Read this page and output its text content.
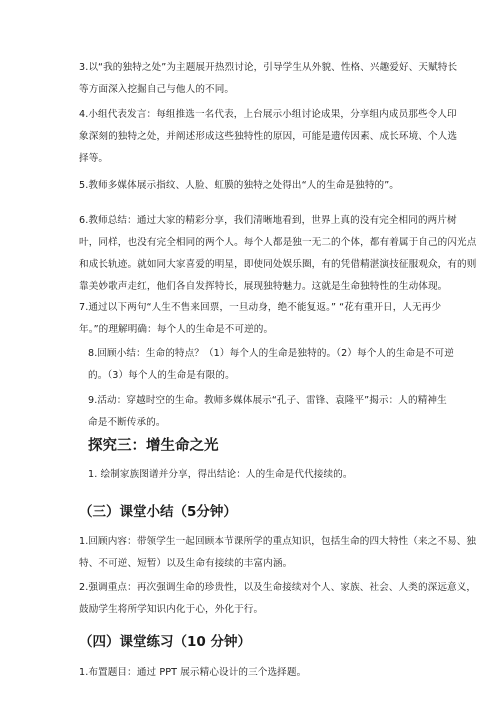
3.以“我的独特之处”为主题展开热烈讨论，引导学生从外貌、性格、兴趣爱好、天赋特长
等方面深入挖掘自己与他人的不同。

4.小组代表发言：每组推选一名代表，上台展示小组讨论成果，分享组内成员那些令人印
象深刻的独特之处，并阐述形成这些独特性的原因，可能是遗传因素、成长环境、个人选
择等。

5.教师多媒体展示指纹、人脸、虹膜的独特之处得出“人的生命是独特的”。

6.教师总结：通过大家的精彩分享，我们清晰地看到，世界上真的没有完全相同的两片树
叶，同样，也没有完全相同的两个人。每个人都是独一无二的个体，都有着属于自己的闪光点
和成长轨迹。就如同大家喜爱的明星，即使同处娱乐圈，有的凭借精湛演技征服观众，有的则
靠美妙歌声走红，他们各自发挥特长，展现独特魅力。这就是生命独特性的生动体现。

7.通过以下两句“人生不售来回票，一旦动身，绝不能复返。” “花有重开日，人无再少
年。”的理解明确：每个人的生命是不可逆的。

8.回顾小结：生命的特点？（1）每个人的生命是独特的。（2）每个人的生命是不可逆
的。（3）每个人的生命是有限的。

9.活动：穿越时空的生命。教师多媒体展示“孔子、雷锋、袁隆平”揭示：人的精神生
命是不断传承的。

探究三：增生命之光

1. 绘制家族图谱并分享，得出结论：人的生命是代代接续的。

（三）课堂小结（5分钟）

1.回顾内容：带领学生一起回顾本节课所学的重点知识，包括生命的四大特性（来之不易、独
特、不可逆、短暂）以及生命有接续的丰富内涵。

2.强调重点：再次强调生命的珍贵性，以及生命接续对个人、家族、社会、人类的深远意义，
鼓励学生将所学知识内化于心，外化于行。

（四）课堂练习（10 分钟）

1.布置题目：通过 PPT 展示精心设计的三个选择题。
